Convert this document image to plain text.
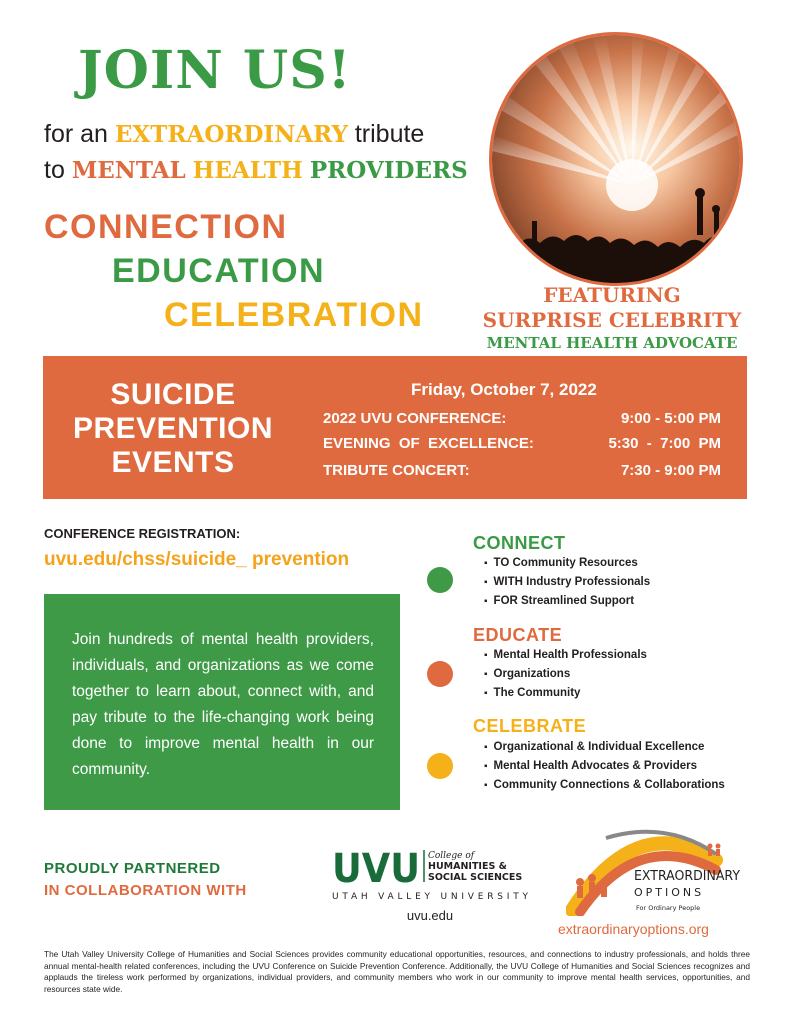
JOIN US!
for an EXTRAORDINARY tribute
to MENTAL HEALTH PROVIDERS
CONNECTION
EDUCATION
CELEBRATION
FEATURING
SURPRISE CELEBRITY
MENTAL HEALTH ADVOCATE
SUICIDE
PREVENTION
EVENTS
Friday, October 7, 2022
2022 UVU CONFERENCE:	9:00 - 5:00 PM
EVENING  OF  EXCELLENCE:	5:30  -  7:00  PM
TRIBUTE CONCERT:	7:30 - 9:00 PM
CONFERENCE REGISTRATION:
uvu.edu/chss/suicide_ prevention
Join hundreds of mental health providers, individuals, and organizations as we come together to learn about, connect with, and pay tribute to the life-changing work being done to improve mental health in our community.
CONNECT
▪ TO Community Resources
▪ WITH Industry Professionals
▪ FOR Streamlined Support
EDUCATE
▪ Mental Health Professionals
▪ Organizations
▪ The Community
CELEBRATE
▪ Organizational & Individual Excellence
▪ Mental Health Advocates & Providers
▪ Community Connections & Collaborations
PROUDLY PARTNERED
IN COLLABORATION WITH UVU College of
HUMANITIES &
SOCIAL SCIENCES
UTAH VALLEY UNIVERSITY
uvu.edu
EXTRAORDINARY
OPTIONS
For Ordinary People
extraordinaryoptions.org
The Utah Valley University College of Humanities and Social Sciences provides community educational opportunities, resources, and connections to industry professionals, and holds three annual mental-health related conferences, including the UVU Conference on Suicide Prevention Conference. Additionally, the UVU College of Humanities and Social Sciences recognizes and applauds the tireless work performed by organizations, individual providers, and community members who work in our community to improve mental health services, opportunities, and resources state wide.
